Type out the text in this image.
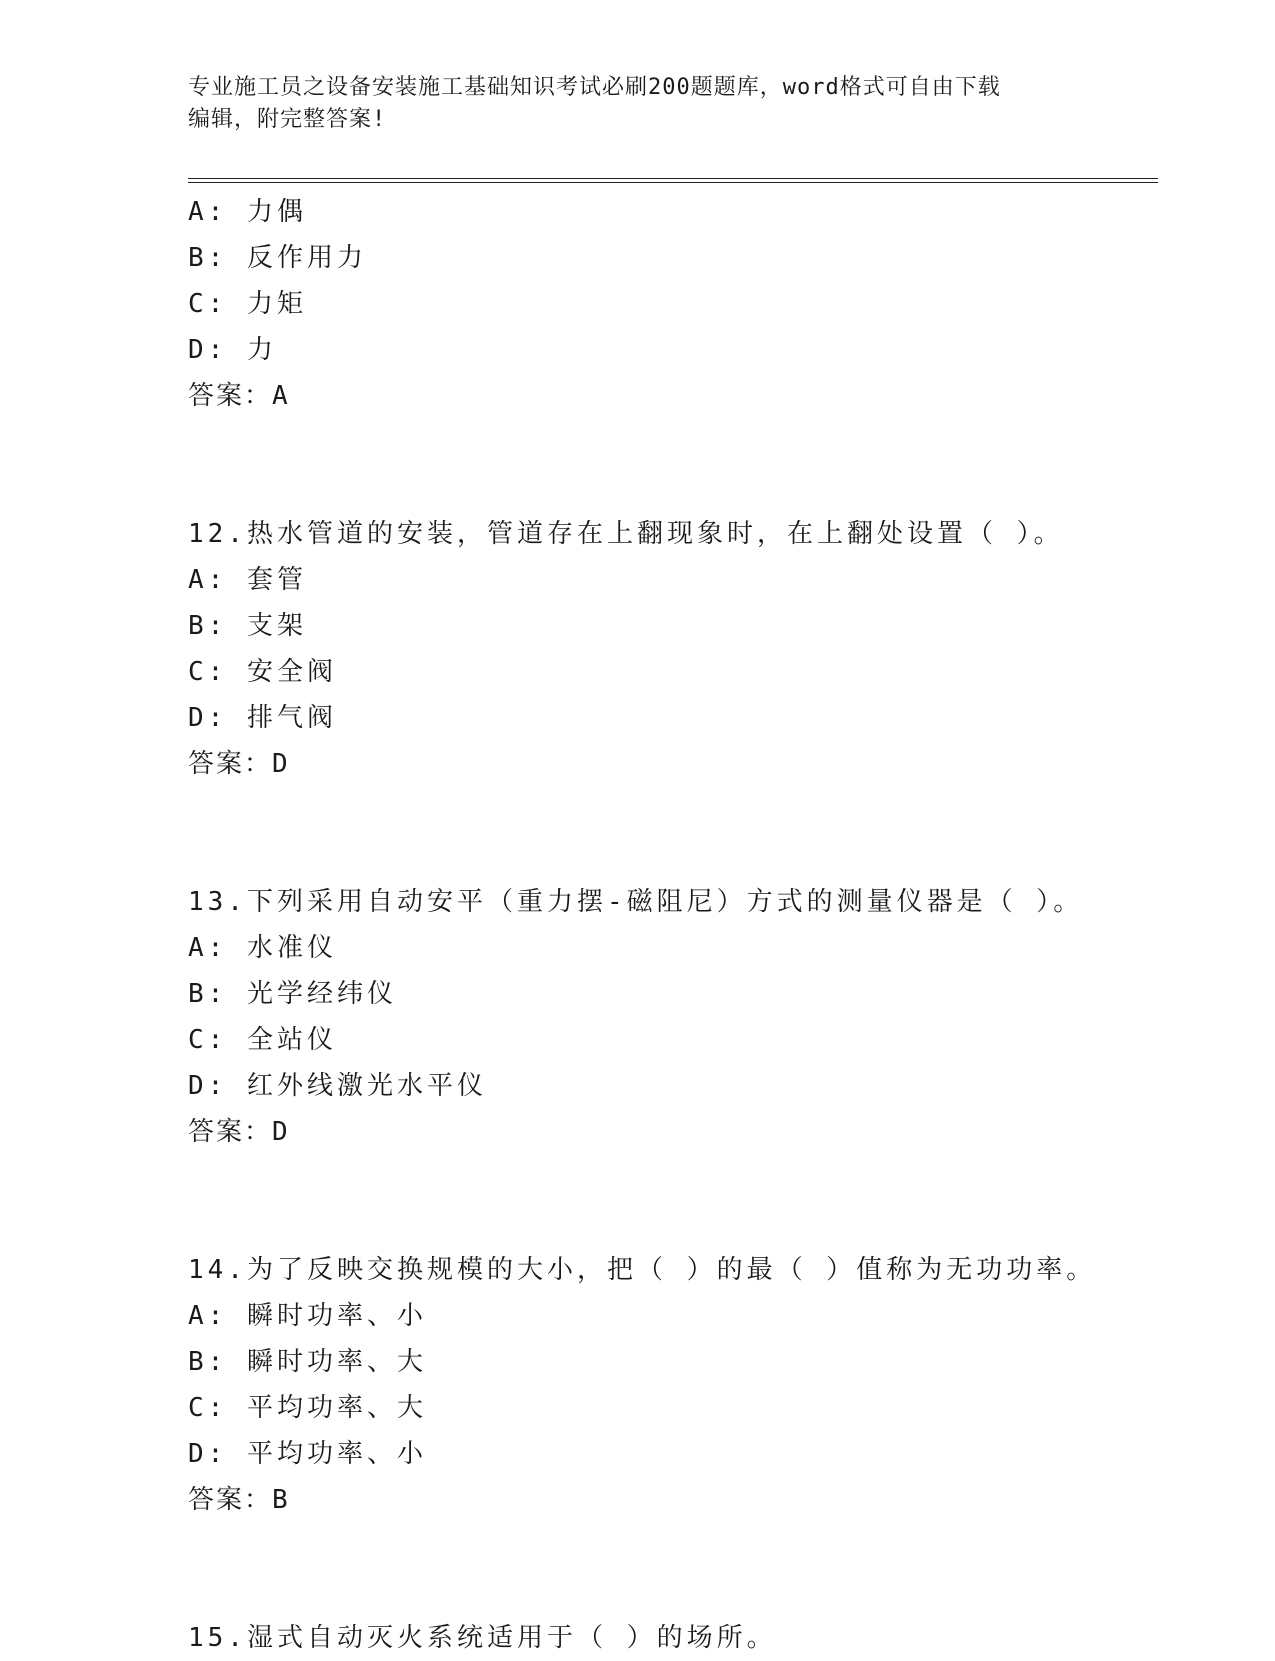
专业施工员之设备安装施工基础知识考试必刷200题题库，word格式可自由下载
编辑，附完整答案!
A: 力偶
B: 反作用力
C: 力矩
D: 力
答案：A
12.热水管道的安装，管道存在上翻现象时，在上翻处设置（ ）。
A: 套管
B: 支架
C: 安全阀
D: 排气阀
答案：D
13.下列采用自动安平（重力摆-磁阻尼）方式的测量仪器是（ ）。
A: 水准仪
B: 光学经纬仪
C: 全站仪
D: 红外线激光水平仪
答案：D
14.为了反映交换规模的大小，把（ ）的最（ ）值称为无功功率。
A: 瞬时功率、小
B: 瞬时功率、大
C: 平均功率、大
D: 平均功率、小
答案：B
15.湿式自动灭火系统适用于（ ）的场所。
